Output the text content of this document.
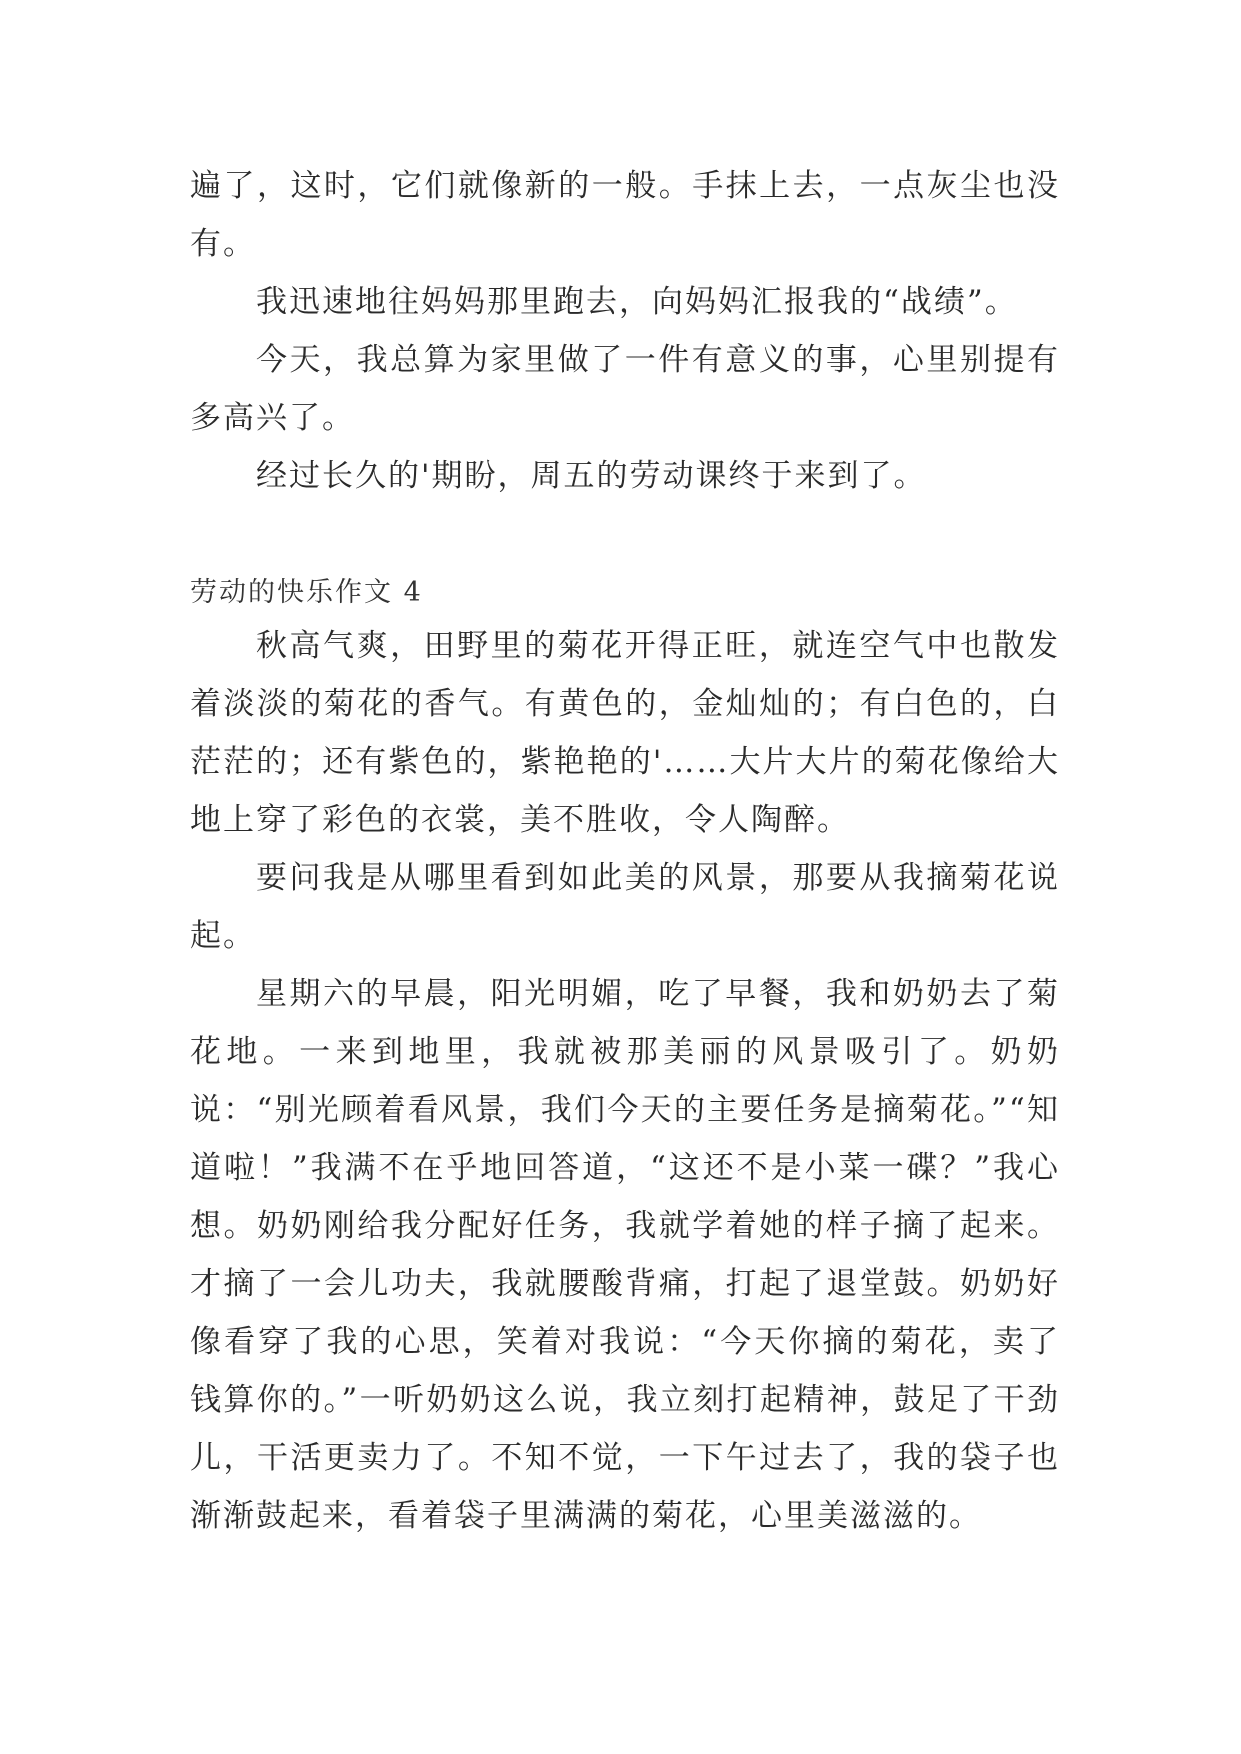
遍了，这时，它们就像新的一般。手抹上去，一点灰尘也没有。

我迅速地往妈妈那里跑去，向妈妈汇报我的“战绩”。

今天，我总算为家里做了一件有意义的事，心里别提有多高兴了。

经过长久的'期盼，周五的劳动课终于来到了。

劳动的快乐作文 4

秋高气爽，田野里的菊花开得正旺，就连空气中也散发着淡淡的菊花的香气。有黄色的，金灿灿的；有白色的，白茫茫的；还有紫色的，紫艳艳的'……大片大片的菊花像给大地上穿了彩色的衣裳，美不胜收，令人陶醉。

要问我是从哪里看到如此美的风景，那要从我摘菊花说起。

星期六的早晨，阳光明媚，吃了早餐，我和奶奶去了菊花地。一来到地里，我就被那美丽的风景吸引了。奶奶说：“别光顾着看风景，我们今天的主要任务是摘菊花。”“知道啦！”我满不在乎地回答道，“这还不是小菜一碟？”我心想。奶奶刚给我分配好任务，我就学着她的样子摘了起来。才摘了一会儿功夫，我就腰酸背痛，打起了退堂鼓。奶奶好像看穿了我的心思，笑着对我说：“今天你摘的菊花，卖了钱算你的。”一听奶奶这么说，我立刻打起精神，鼓足了干劲儿，干活更卖力了。不知不觉，一下午过去了，我的袋子也渐渐鼓起来，看着袋子里满满的菊花，心里美滋滋的。
